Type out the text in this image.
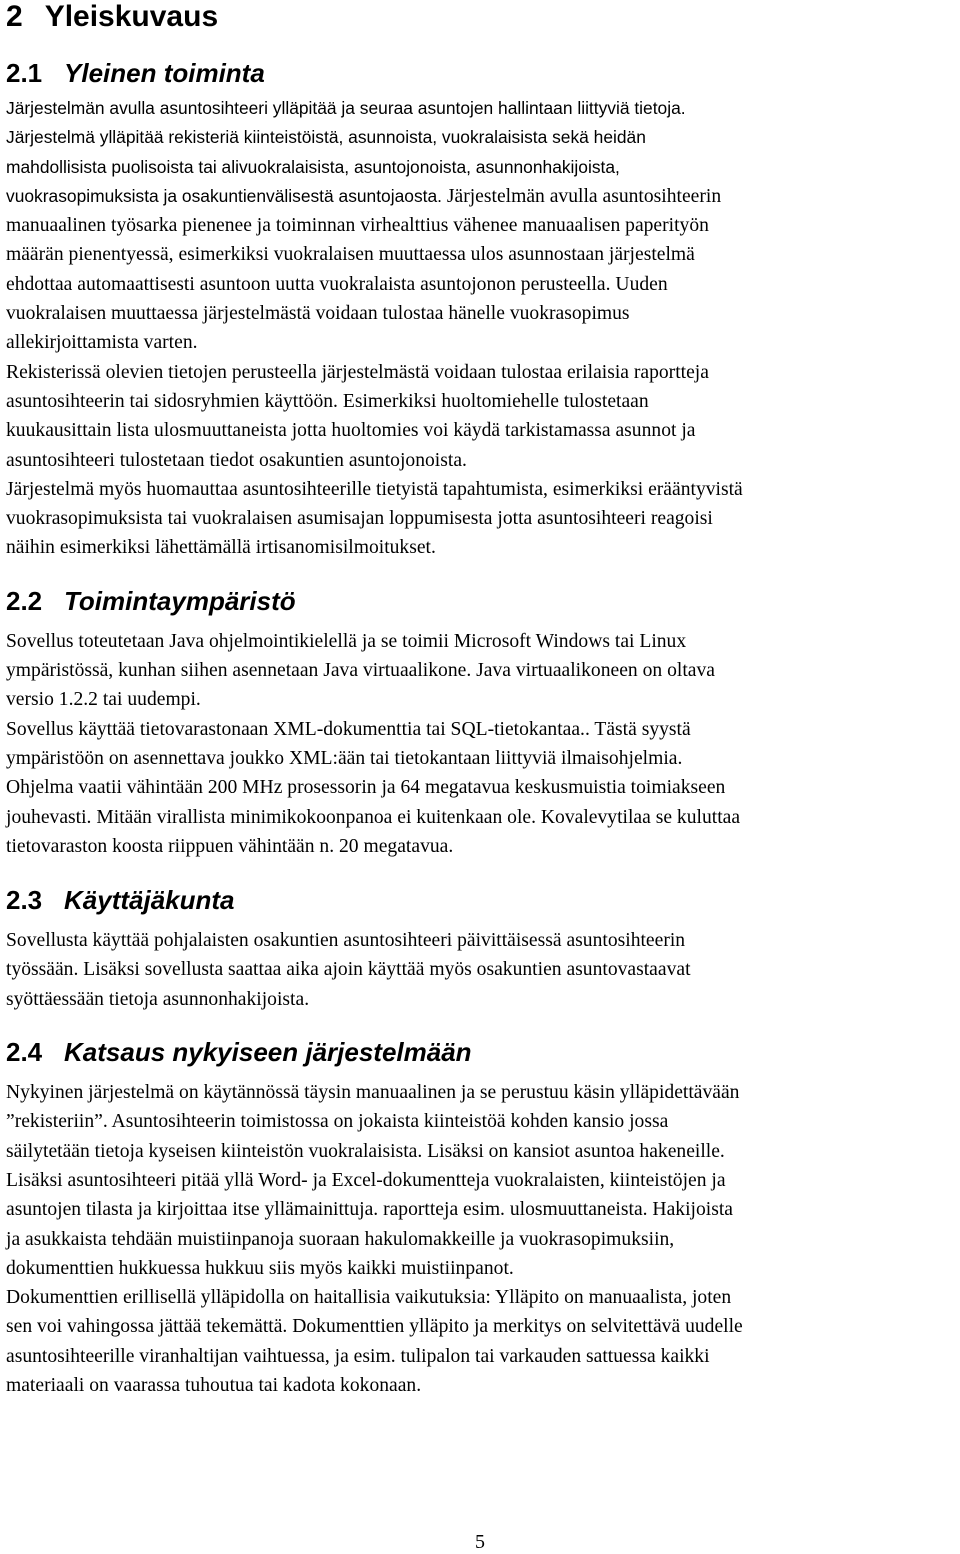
2 Yleiskuvaus
2.1 Yleinen toiminta

Järjestelmän avulla asuntosihteeri ylläpitää ja seuraa asuntojen hallintaan liittyviä tietoja.

Järjestelmä ylläpitää rekisteriä kiinteistöistä, asunnoista, vuokralaisista sekä heidän

mahdollisista puolisoista tai alivuokralaisista, asuntojonoista, asunnonhakijoista,

vuokrasopimuksista ja osakuntienvälisestä asuntojaosta. Järjestelmän avulla asuntosihteerin

manuaalinen työsarka pienenee ja toiminnan virhealttius vähenee manuaalisen paperityön

määrän pienentyessä, esimerkiksi vuokralaisen muuttaessa ulos asunnostaan järjestelmä

ehdottaa automaattisesti asuntoon uutta vuokralaista asuntojonon perusteella. Uuden

vuokralaisen muuttaessa järjestelmästä voidaan tulostaa hänelle vuokrasopimus

allekirjoittamista varten.

Rekisterissä olevien tietojen perusteella järjestelmästä voidaan tulostaa erilaisia raportteja

asuntosihteerin tai sidosryhmien käyttöön. Esimerkiksi huoltomiehelle tulostetaan

kuukausittain lista ulosmuuttaneista jotta huoltomies voi käydä tarkistamassa asunnot ja

asuntosihteeri tulostetaan tiedot osakuntien asuntojonoista.

Järjestelmä myös huomauttaa asuntosihteerille tietyistä tapahtumista, esimerkiksi erääntyvistä

vuokrasopimuksista tai vuokralaisen asumisajan loppumisesta jotta asuntosihteeri reagoisi

näihin esimerkiksi lähettämällä irtisanomisilmoitukset.

2.2 Toimintaympäristö

Sovellus toteutetaan Java ohjelmointikielellä ja se toimii Microsoft Windows tai Linux

ympäristössä, kunhan siihen asennetaan Java virtuaalikone. Java virtuaalikoneen on oltava

versio 1.2.2 tai uudempi.

Sovellus käyttää tietovarastonaan XML-dokumenttia tai SQL-tietokantaa.. Tästä syystä

ympäristöön on asennettava joukko XML:ään tai tietokantaan liittyviä ilmaisohjelmia.

Ohjelma vaatii vähintään 200 MHz prosessorin ja 64 megatavua keskusmuistia toimiakseen

jouhevasti. Mitään virallista minimikokoonpanoa ei kuitenkaan ole. Kovalevytilaa se kuluttaa

tietovaraston koosta riippuen vähintään n. 20 megatavua.

2.3 Käyttäjäkunta

Sovellusta käyttää pohjalaisten osakuntien asuntosihteeri päivittäisessä asuntosihteerin

työssään. Lisäksi sovellusta saattaa aika ajoin käyttää myös osakuntien asuntovastaavat

syöttäessään tietoja asunnonhakijoista.

2.4 Katsaus nykyiseen järjestelmään

Nykyinen järjestelmä on käytännössä täysin manuaalinen ja se perustuu käsin ylläpidettävään

”rekisteriin”. Asuntosihteerin toimistossa on jokaista kiinteistöä kohden kansio jossa

säilytetään tietoja kyseisen kiinteistön vuokralaisista. Lisäksi on kansiot asuntoa hakeneille.

Lisäksi asuntosihteeri pitää yllä Word- ja Excel-dokumentteja vuokralaisten, kiinteistöjen ja

asuntojen tilasta ja kirjoittaa itse yllämainittuja. raportteja esim. ulosmuuttaneista. Hakijoista

ja asukkaista tehdään muistiinpanoja suoraan hakulomakkeille ja vuokrasopimuksiin,

dokumenttien hukkuessa hukkuu siis myös kaikki muistiinpanot.

Dokumenttien erillisellä ylläpidolla on haitallisia vaikutuksia: Ylläpito on manuaalista, joten

sen voi vahingossa jättää tekemättä. Dokumenttien ylläpito ja merkitys on selvitettävä uudelle

asuntosihteerille viranhaltijan vaihtuessa, ja esim. tulipalon tai varkauden sattuessa kaikki

materiaali on vaarassa tuhoutua tai kadota kokonaan.

5
